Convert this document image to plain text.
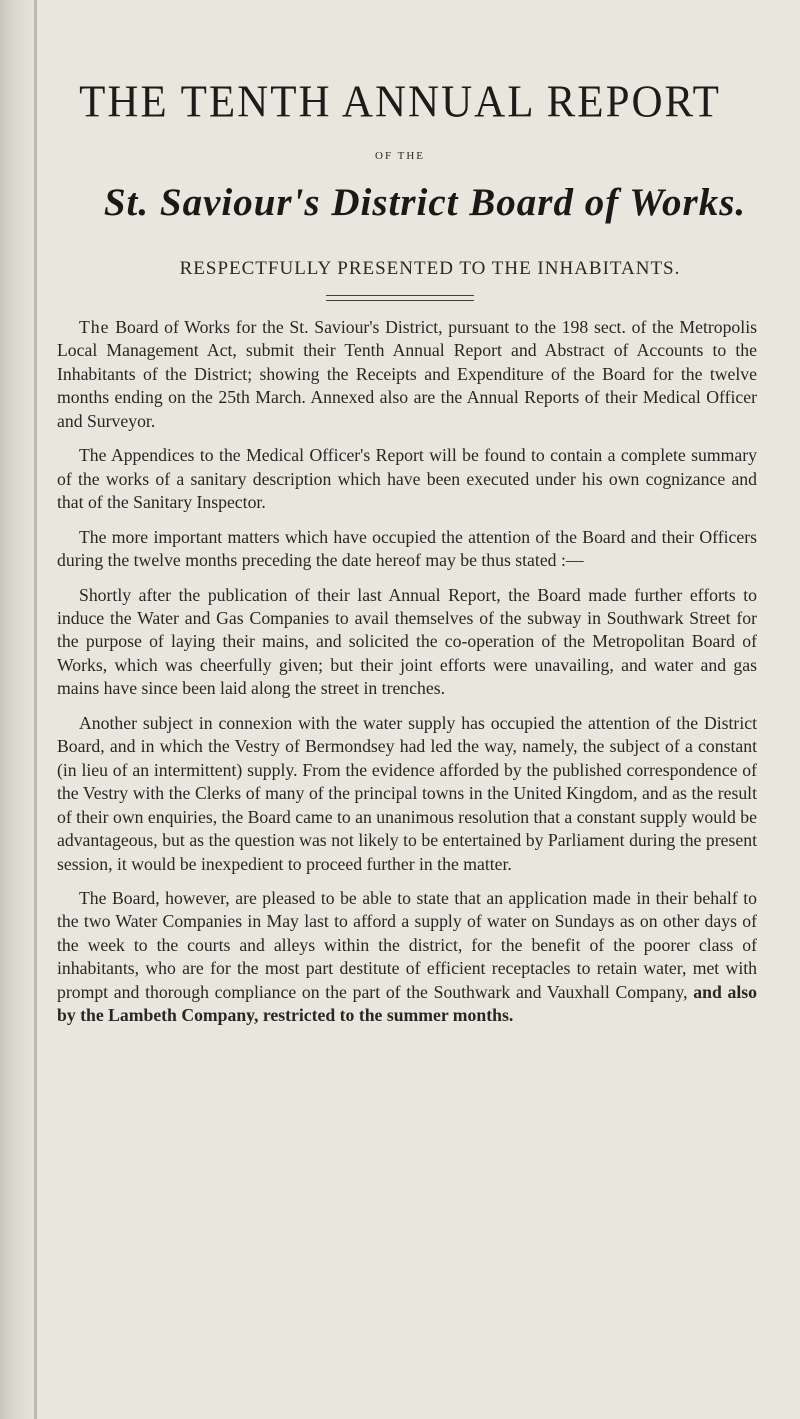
THE TENTH ANNUAL REPORT
OF THE
St. Saviour's District Board of Works.
RESPECTFULLY PRESENTED TO THE INHABITANTS.

The Board of Works for the St. Saviour's District, pursuant to the 198 sect. of the Metropolis Local Management Act, submit their Tenth Annual Report and Abstract of Accounts to the Inhabitants of the District; showing the Receipts and Expenditure of the Board for the twelve months ending on the 25th March. Annexed also are the Annual Reports of their Medical Officer and Surveyor.

The Appendices to the Medical Officer's Report will be found to contain a complete summary of the works of a sanitary description which have been executed under his own cognizance and that of the Sanitary Inspector.

The more important matters which have occupied the attention of the Board and their Officers during the twelve months preceding the date hereof may be thus stated :—

Shortly after the publication of their last Annual Report, the Board made further efforts to induce the Water and Gas Companies to avail themselves of the subway in Southwark Street for the purpose of laying their mains, and solicited the co-operation of the Metropolitan Board of Works, which was cheerfully given; but their joint efforts were unavailing, and water and gas mains have since been laid along the street in trenches.

Another subject in connexion with the water supply has occupied the attention of the District Board, and in which the Vestry of Bermondsey had led the way, namely, the subject of a constant (in lieu of an intermittent) supply. From the evidence afforded by the published correspondence of the Vestry with the Clerks of many of the principal towns in the United Kingdom, and as the result of their own enquiries, the Board came to an unanimous resolution that a constant supply would be advantageous, but as the question was not likely to be entertained by Parliament during the present session, it would be inexpedient to proceed further in the matter.

The Board, however, are pleased to be able to state that an application made in their behalf to the two Water Companies in May last to afford a supply of water on Sundays as on other days of the week to the courts and alleys within the district, for the benefit of the poorer class of inhabitants, who are for the most part destitute of efficient receptacles to retain water, met with prompt and thorough compliance on the part of the Southwark and Vauxhall Company, and also by the Lambeth Company, restricted to the summer months.
